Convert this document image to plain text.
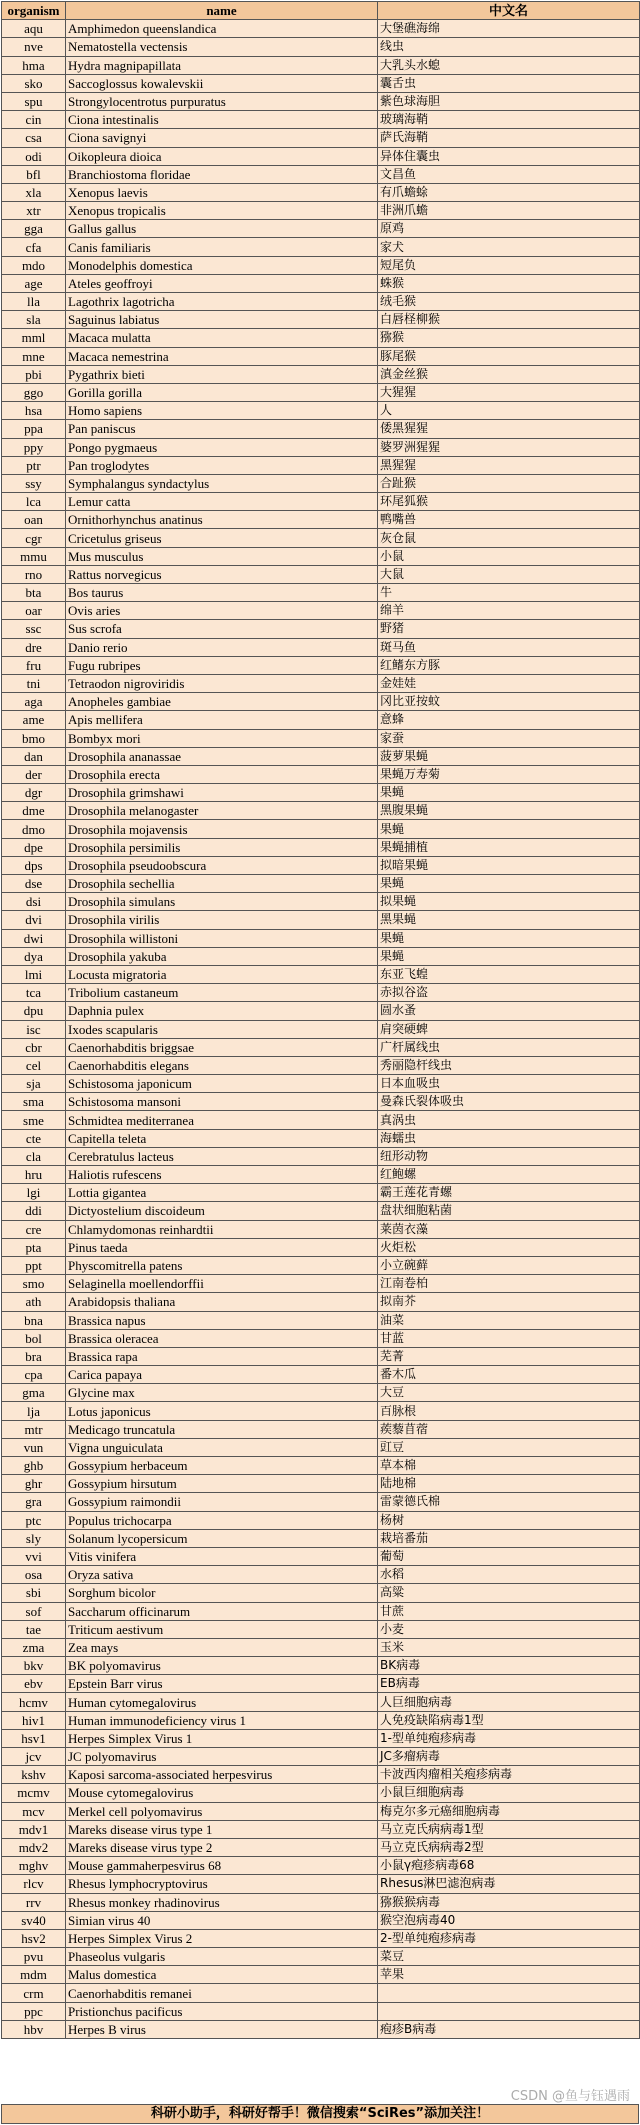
organism	name	中文名
aqu	Amphimedon queenslandica	大堡礁海绵
nve	Nematostella vectensis	线虫
hma	Hydra magnipapillata	大乳头水螅
sko	Saccoglossus kowalevskii	囊舌虫
spu	Strongylocentrotus purpuratus	紫色球海胆
cin	Ciona intestinalis	玻璃海鞘
csa	Ciona savignyi	萨氏海鞘
odi	Oikopleura dioica	异体住囊虫
bfl	Branchiostoma floridae	文昌鱼
xla	Xenopus laevis	有爪蟾蜍
xtr	Xenopus tropicalis	非洲爪蟾
gga	Gallus gallus	原鸡
cfa	Canis familiaris	家犬
mdo	Monodelphis domestica	短尾负
age	Ateles geoffroyi	蛛猴
lla	Lagothrix lagotricha	绒毛猴
sla	Saguinus labiatus	白唇柽柳猴
mml	Macaca mulatta	猕猴
mne	Macaca nemestrina	豚尾猴
pbi	Pygathrix bieti	滇金丝猴
ggo	Gorilla gorilla	大猩猩
hsa	Homo sapiens	人
ppa	Pan paniscus	倭黑猩猩
ppy	Pongo pygmaeus	婆罗洲猩猩
ptr	Pan troglodytes	黑猩猩
ssy	Symphalangus syndactylus	合趾猴
lca	Lemur catta	环尾狐猴
oan	Ornithorhynchus anatinus	鸭嘴兽
cgr	Cricetulus griseus	灰仓鼠
mmu	Mus musculus	小鼠
rno	Rattus norvegicus	大鼠
bta	Bos taurus	牛
oar	Ovis aries	绵羊
ssc	Sus scrofa	野猪
dre	Danio rerio	斑马鱼
fru	Fugu rubripes	红鳍东方豚
tni	Tetraodon nigroviridis	金娃娃
aga	Anopheles gambiae	冈比亚按蚊
ame	Apis mellifera	意蜂
bmo	Bombyx mori	家蚕
dan	Drosophila ananassae	菠萝果蝇
der	Drosophila erecta	果蝇万寿菊
dgr	Drosophila grimshawi	果蝇
dme	Drosophila melanogaster	黑腹果蝇
dmo	Drosophila mojavensis	果蝇
dpe	Drosophila persimilis	果蝇捕植
dps	Drosophila pseudoobscura	拟暗果蝇
dse	Drosophila sechellia	果蝇
dsi	Drosophila simulans	拟果蝇
dvi	Drosophila virilis	黑果蝇
dwi	Drosophila willistoni	果蝇
dya	Drosophila yakuba	果蝇
lmi	Locusta migratoria	东亚飞蝗
tca	Tribolium castaneum	赤拟谷盗
dpu	Daphnia pulex	圆水蚤
isc	Ixodes scapularis	肩突硬蜱
cbr	Caenorhabditis briggsae	广杆属线虫
cel	Caenorhabditis elegans	秀丽隐杆线虫
sja	Schistosoma japonicum	日本血吸虫
sma	Schistosoma mansoni	曼森氏裂体吸虫
sme	Schmidtea mediterranea	真涡虫
cte	Capitella teleta	海蠕虫
cla	Cerebratulus lacteus	纽形动物
hru	Haliotis rufescens	红鲍螺
lgi	Lottia gigantea	霸王莲花青螺
ddi	Dictyostelium discoideum	盘状细胞粘菌
cre	Chlamydomonas reinhardtii	莱茵衣藻
pta	Pinus taeda	火炬松
ppt	Physcomitrella patens	小立碗藓
smo	Selaginella moellendorffii	江南卷柏
ath	Arabidopsis thaliana	拟南芥
bna	Brassica napus	油菜
bol	Brassica oleracea	甘蓝
bra	Brassica rapa	芜菁
cpa	Carica papaya	番木瓜
gma	Glycine max	大豆
lja	Lotus japonicus	百脉根
mtr	Medicago truncatula	蒺藜苜蓿
vun	Vigna unguiculata	豇豆
ghb	Gossypium herbaceum	草本棉
ghr	Gossypium hirsutum	陆地棉
gra	Gossypium raimondii	雷蒙德氏棉
ptc	Populus trichocarpa	杨树
sly	Solanum lycopersicum	栽培番茄
vvi	Vitis vinifera	葡萄
osa	Oryza sativa	水稻
sbi	Sorghum bicolor	高粱
sof	Saccharum officinarum	甘蔗
tae	Triticum aestivum	小麦
zma	Zea mays	玉米
bkv	BK polyomavirus	BK病毒
ebv	Epstein Barr virus	EB病毒
hcmv	Human cytomegalovirus	人巨细胞病毒
hiv1	Human immunodeficiency virus 1	人免疫缺陷病毒1型
hsv1	Herpes Simplex Virus 1	1-型单纯疱疹病毒
jcv	JC polyomavirus	JC多瘤病毒
kshv	Kaposi sarcoma-associated herpesvirus	卡波西肉瘤相关疱疹病毒
mcmv	Mouse cytomegalovirus	小鼠巨细胞病毒
mcv	Merkel cell polyomavirus	梅克尔多元癌细胞病毒
mdv1	Mareks disease virus type 1	马立克氏病病毒1型
mdv2	Mareks disease virus type 2	马立克氏病病毒2型
mghv	Mouse gammaherpesvirus 68	小鼠γ疱疹病毒68
rlcv	Rhesus lymphocryptovirus	Rhesus淋巴滤泡病毒
rrv	Rhesus monkey rhadinovirus	猕猴猴病毒
sv40	Simian virus 40	猴空泡病毒40
hsv2	Herpes Simplex Virus 2	2-型单纯疱疹病毒
pvu	Phaseolus vulgaris	菜豆
mdm	Malus domestica	苹果
crm	Caenorhabditis remanei	
ppc	Pristionchus pacificus	
hbv	Herpes B virus	疱疹B病毒
CSDN @鱼与钰遇雨
科研小助手，科研好帮手！微信搜索“SciRes”添加关注！
